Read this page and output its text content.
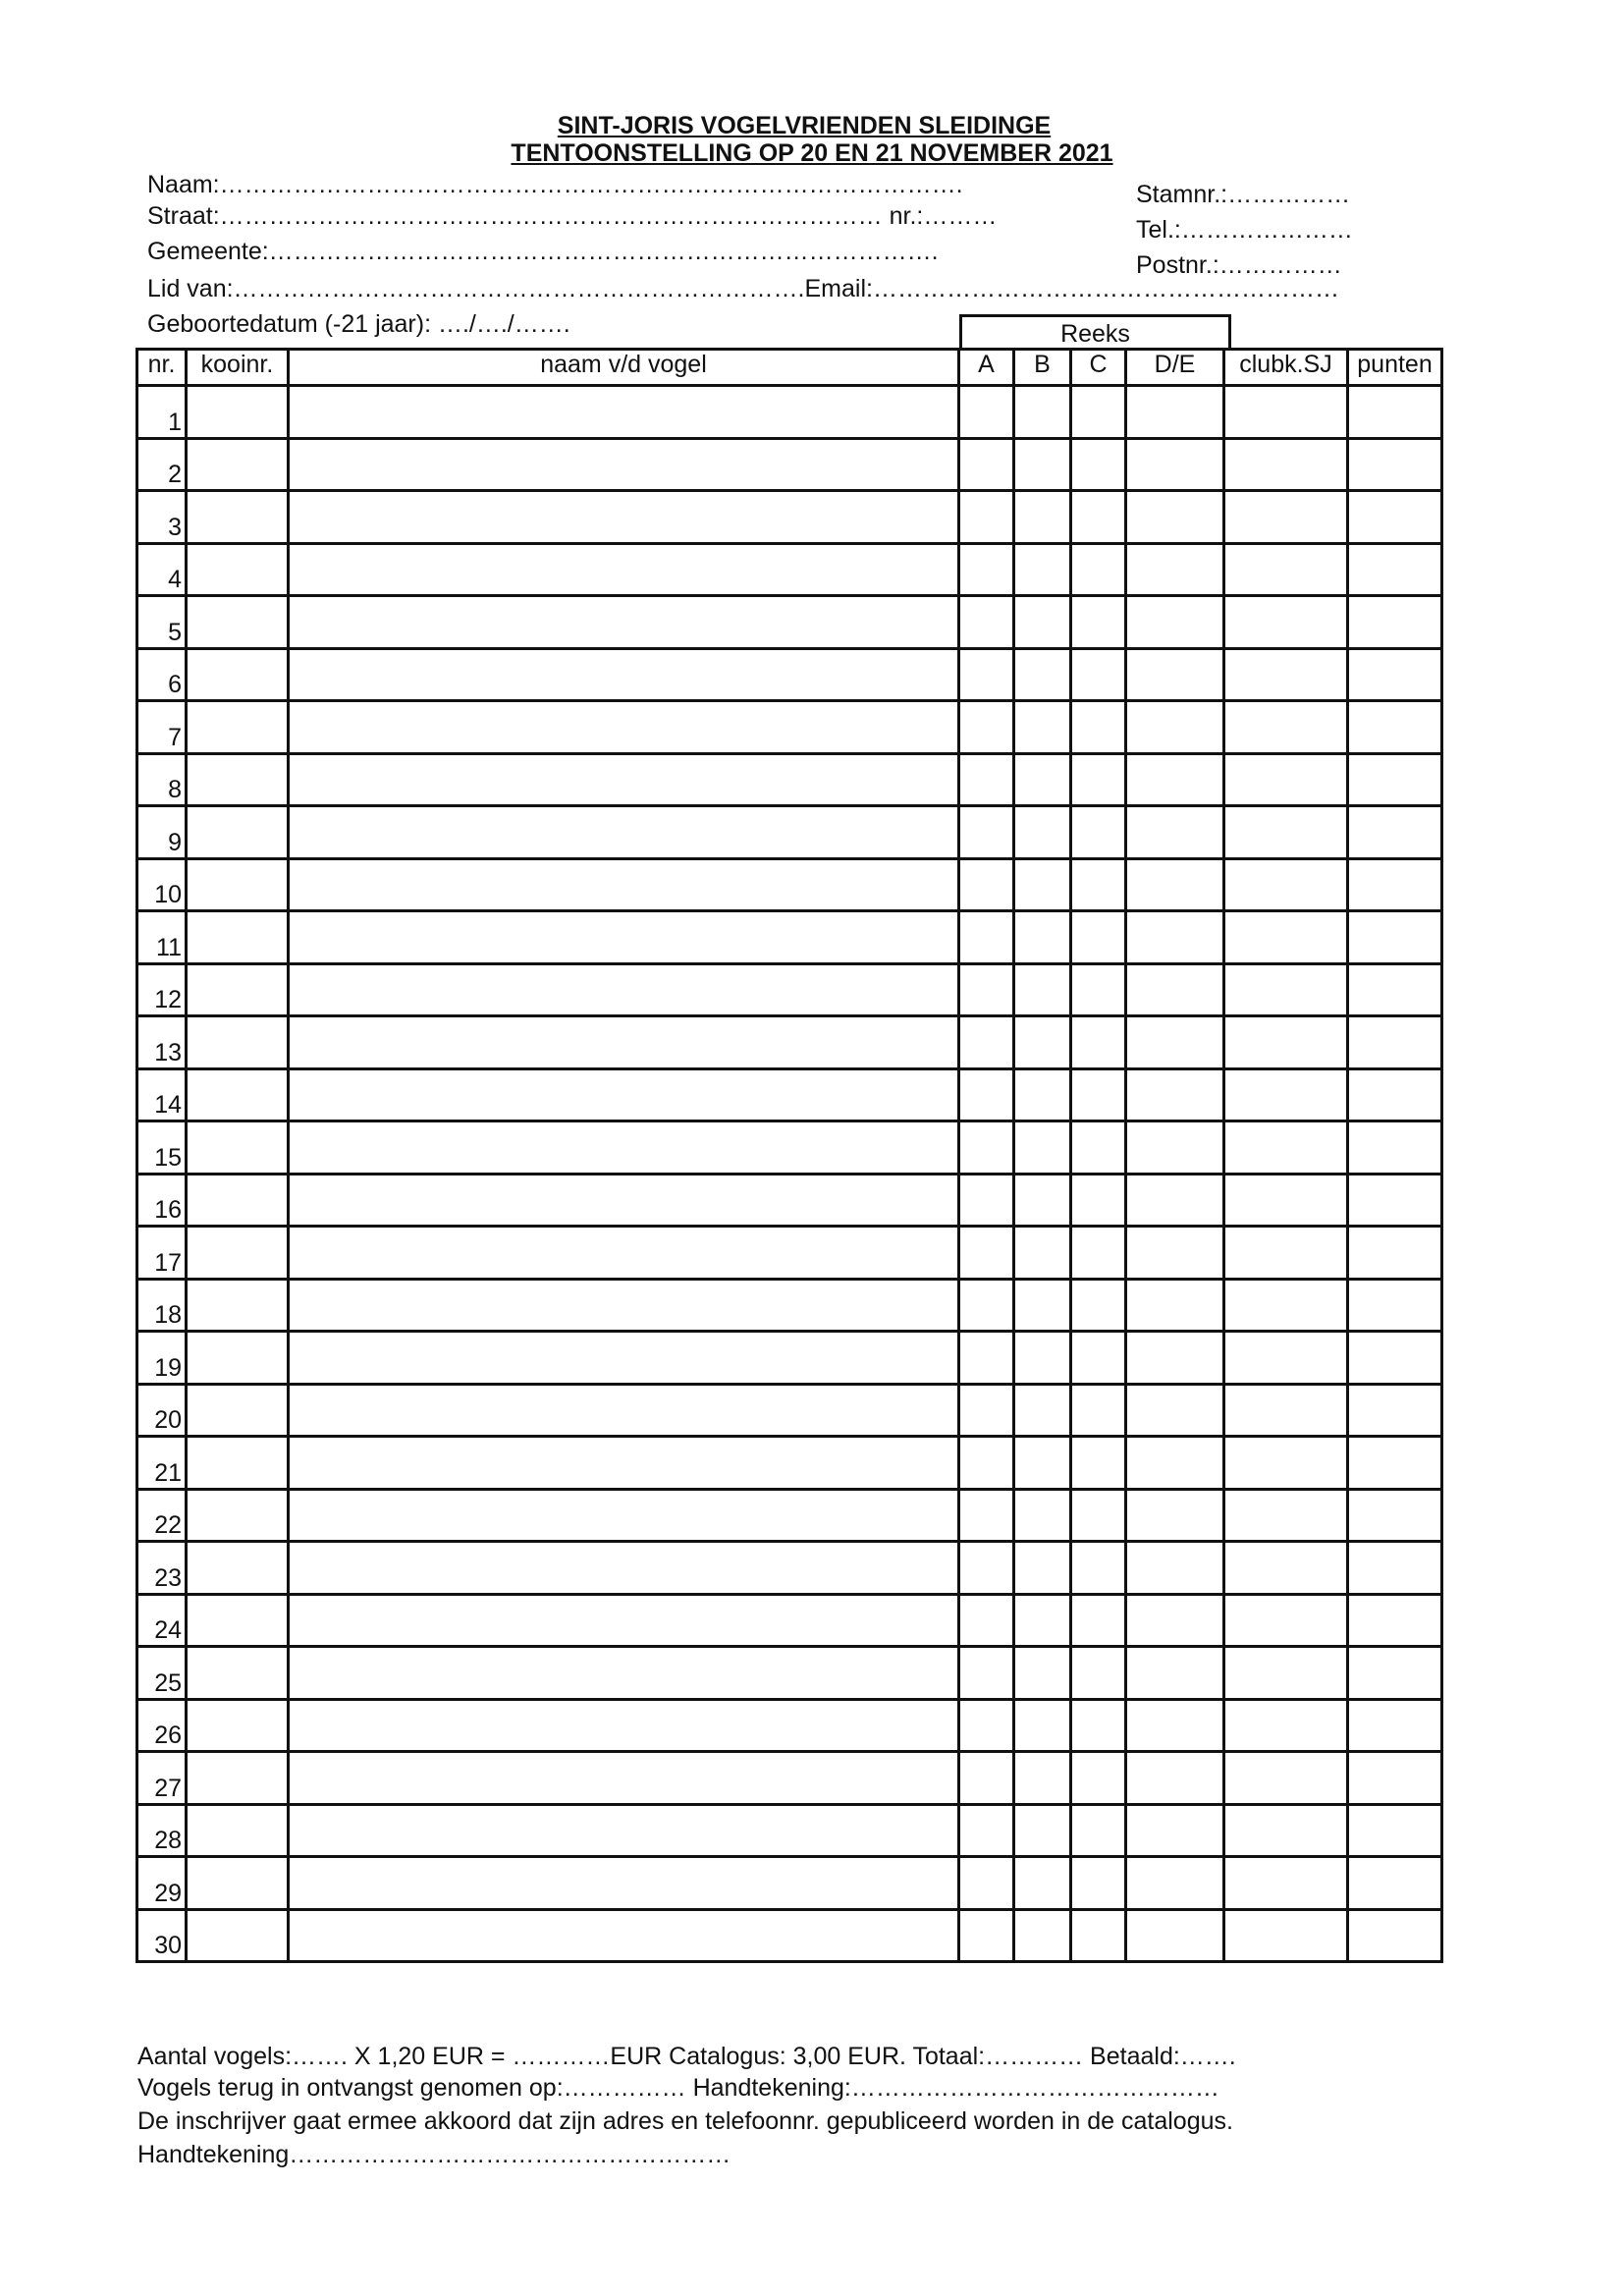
SINT-JORIS VOGELVRIENDEN SLEIDINGE
TENTOONSTELLING OP 20 EN 21 NOVEMBER 2021
Naam:……………………………………………………………………………….	Stamnr.:……………
Straat:……………………………………………………………………… nr.:………	Tel.:…………………
Gemeente:……………………………………………………………………….	Postnr.:……………
Lid van:…………………………………………………………….Email:…………………………………………………
Geboortedatum (-21 jaar): …./…./…….	Reeks
nr.	kooinr.	naam v/d vogel	A	B	C	D/E	clubk.SJ	punten
1								
2								
3								
4								
5								
6								
7								
8								
9								
10								
11								
12								
13								
14								
15								
16								
17								
18								
19								
20								
21								
22								
23								
24								
25								
26								
27								
28								
29								
30								
Aantal vogels:……. X 1,20 EUR = …………EUR Catalogus: 3,00 EUR. Totaal:………… Betaald:…….
Vogels terug in ontvangst genomen op:…………… Handtekening:………………………………………
De inschrijver gaat ermee akkoord dat zijn adres en telefoonnr. gepubliceerd worden in de catalogus.
Handtekening………………………………………………
